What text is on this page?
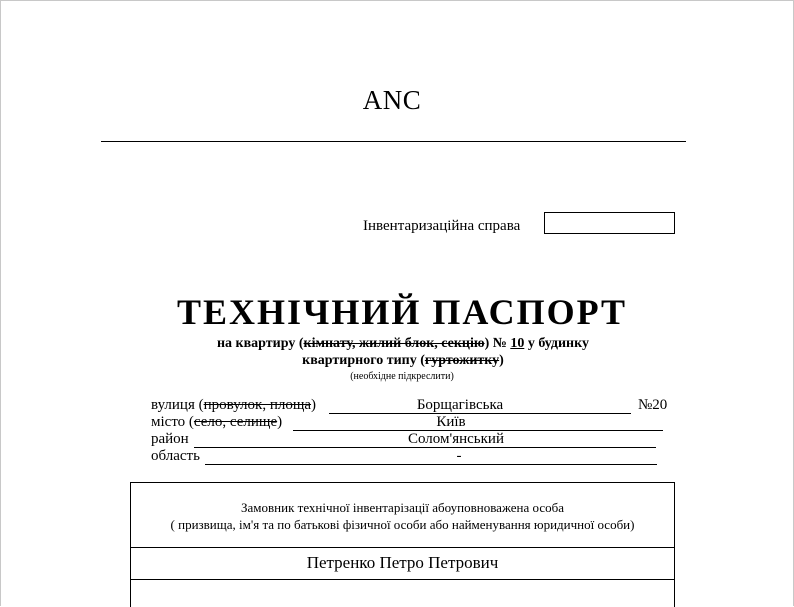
ANC
Інвентаризаційна справа
ТЕХНІЧНИЙ ПАСПОРТ
на квартиру (кімнату, жилий блок, секцію) № 10 у будинку
квартирного типу (гуртожитку)
(необхідне підкреслити)
вулиця (провулок, площа)	Борщагівська	№20
місто (село, селище)	Київ
район	Солом'янський
область	-
Замовник технічної інвентарізації абоуповноважена особа
( призвища, ім'я та по батькові фізичної особи або найменування юридичної особи)
Петренко Петро Петрович
